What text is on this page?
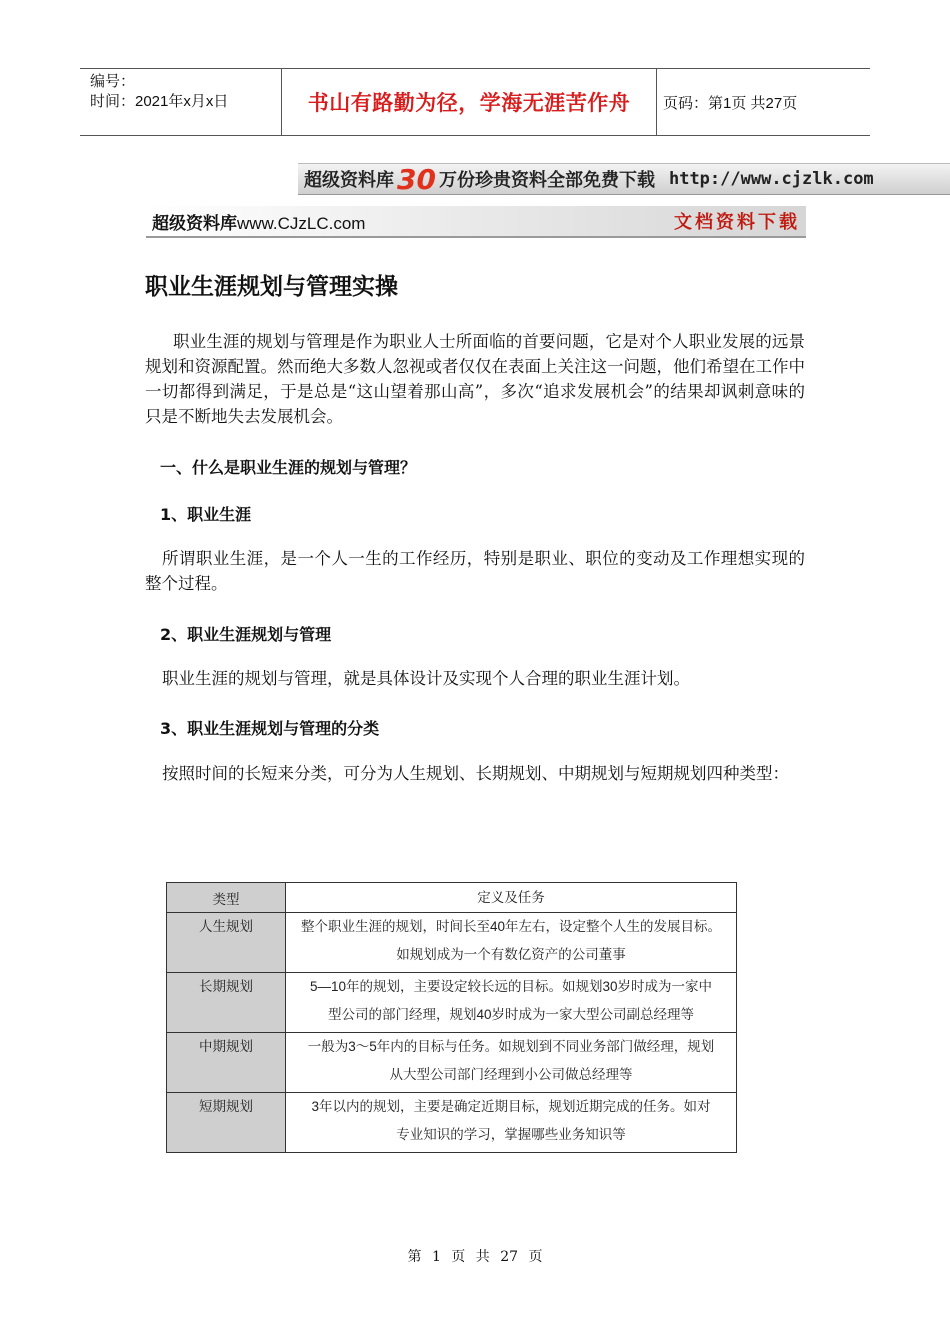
编号：
时间：2021年x月x日	书山有路勤为径，学海无涯苦作舟	页码：第1页 共27页
超级资料库 30 万份珍贵资料全部免费下载 http://www.cjzlk.com
超级资料库www.CJzLC.com	文档资料下载
职业生涯规划与管理实操
职业生涯的规划与管理是作为职业人士所面临的首要问题，它是对个人职业发展的远景规划和资源配置。然而绝大多数人忽视或者仅仅在表面上关注这一问题，他们希望在工作中一切都得到满足，于是总是“这山望着那山高”，多次“追求发展机会”的结果却讽刺意味的只是不断地失去发展机会。
一、什么是职业生涯的规划与管理？
1、职业生涯
所谓职业生涯，是一个人一生的工作经历，特别是职业、职位的变动及工作理想实现的整个过程。
2、职业生涯规划与管理
职业生涯的规划与管理，就是具体设计及实现个人合理的职业生涯计划。
3、职业生涯规划与管理的分类
按照时间的长短来分类，可分为人生规划、长期规划、中期规划与短期规划四种类型：
类型	定义及任务
人生规划	整个职业生涯的规划，时间长至40年左右，设定整个人生的发展目标。
如规划成为一个有数亿资产的公司董事

长期规划	5—10年的规划，主要设定较长远的目标。如规划30岁时成为一家中
型公司的部门经理，规划40岁时成为一家大型公司副总经理等

中期规划	一般为3～5年内的目标与任务。如规划到不同业务部门做经理，规划
从大型公司部门经理到小公司做总经理等

短期规划	3年以内的规划，主要是确定近期目标，规划近期完成的任务。如对
专业知识的学习，掌握哪些业务知识等
第 1 页 共 27 页
